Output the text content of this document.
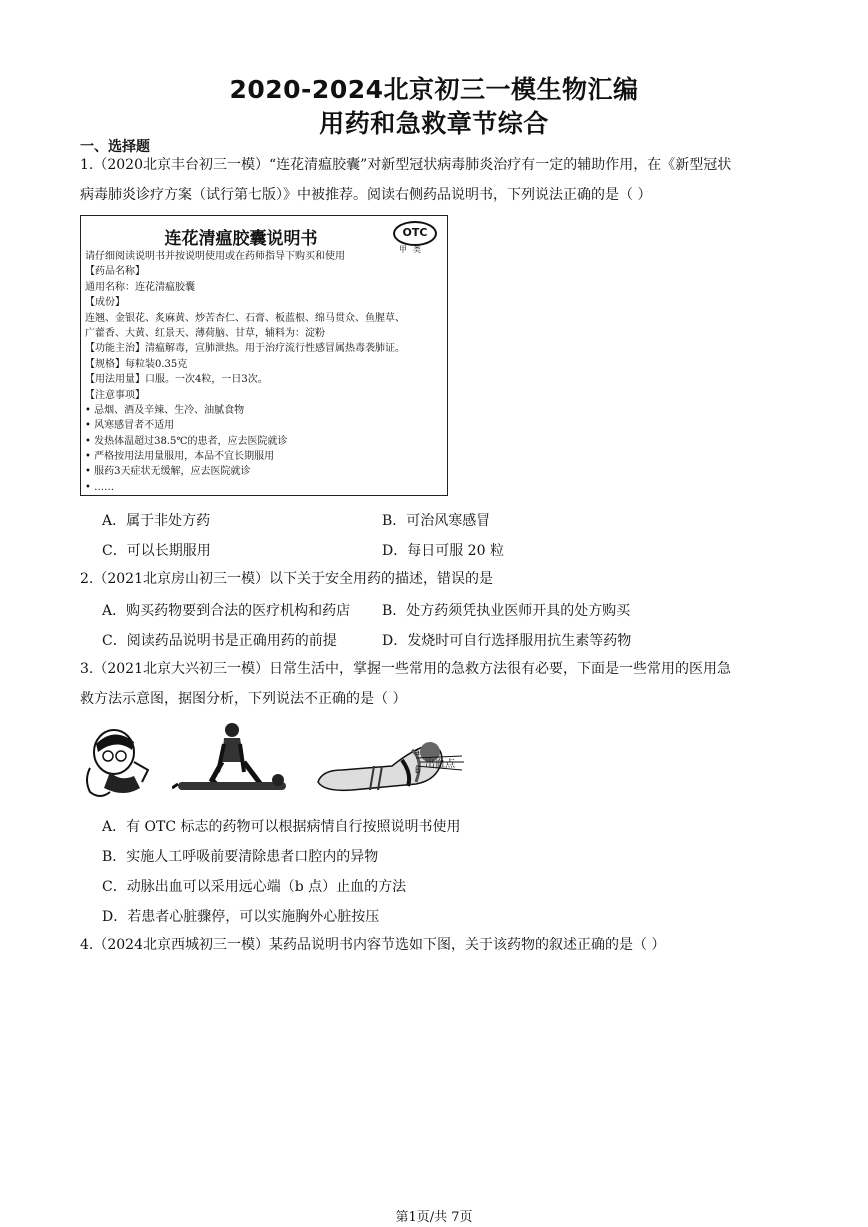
2020-2024北京初三一模生物汇编
用药和急救章节综合
一、选择题
1.（2020北京丰台初三一模）“连花清瘟胶囊”对新型冠状病毒肺炎治疗有一定的辅助作用，在《新型冠状
病毒肺炎诊疗方案（试行第七版）》中被推荐。阅读右侧药品说明书，下列说法正确的是（ ）
连花清瘟胶囊说明书	OTC
甲类
请仔细阅读说明书并按说明使用或在药师指导下购买和使用
【药品名称】
通用名称：连花清瘟胶囊
【成份】
连翘、金银花、炙麻黄、炒苦杏仁、石膏、板蓝根、绵马贯众、鱼腥草、
广藿香、大黄、红景天、薄荷脑、甘草，辅料为：淀粉
【功能主治】清瘟解毒，宣肺泄热。用于治疗流行性感冒属热毒袭肺证。
【规格】每粒装0.35克
【用法用量】口服。一次4粒，一日3次。
【注意事项】
• 忌烟、酒及辛辣、生冷、油腻食物
• 风寒感冒者不适用
• 发热体温超过38.5℃的患者，应去医院就诊
• 严格按用法用量服用，本品不宜长期服用
• 服药3天症状无缓解，应去医院就诊
• ……
A．属于非处方药	B．可治风寒感冒
C．可以长期服用	D．每日可服 20 粒
2.（2021北京房山初三一模）以下关于安全用药的描述，错误的是
A．购买药物要到合法的医疗机构和药店 B．处方药须凭执业医师开具的处方购买
C．阅读药品说明书是正确用药的前提	D．发烧时可自行选择服用抗生素等药物
3.（2021北京大兴初三一模）日常生活中，掌握一些常用的急救方法很有必要，下面是一些常用的医用急
救方法示意图，据图分析，下列说法不正确的是（ ）
a
b
出血点
A．有 OTC 标志的药物可以根据病情自行按照说明书使用
B．实施人工呼吸前要清除患者口腔内的异物
C．动脉出血可以采用远心端（b 点）止血的方法
D．若患者心脏骤停，可以实施胸外心脏按压
4.（2024北京西城初三一模）某药品说明书内容节选如下图，关于该药物的叙述正确的是（ ）
第1页/共 7页
